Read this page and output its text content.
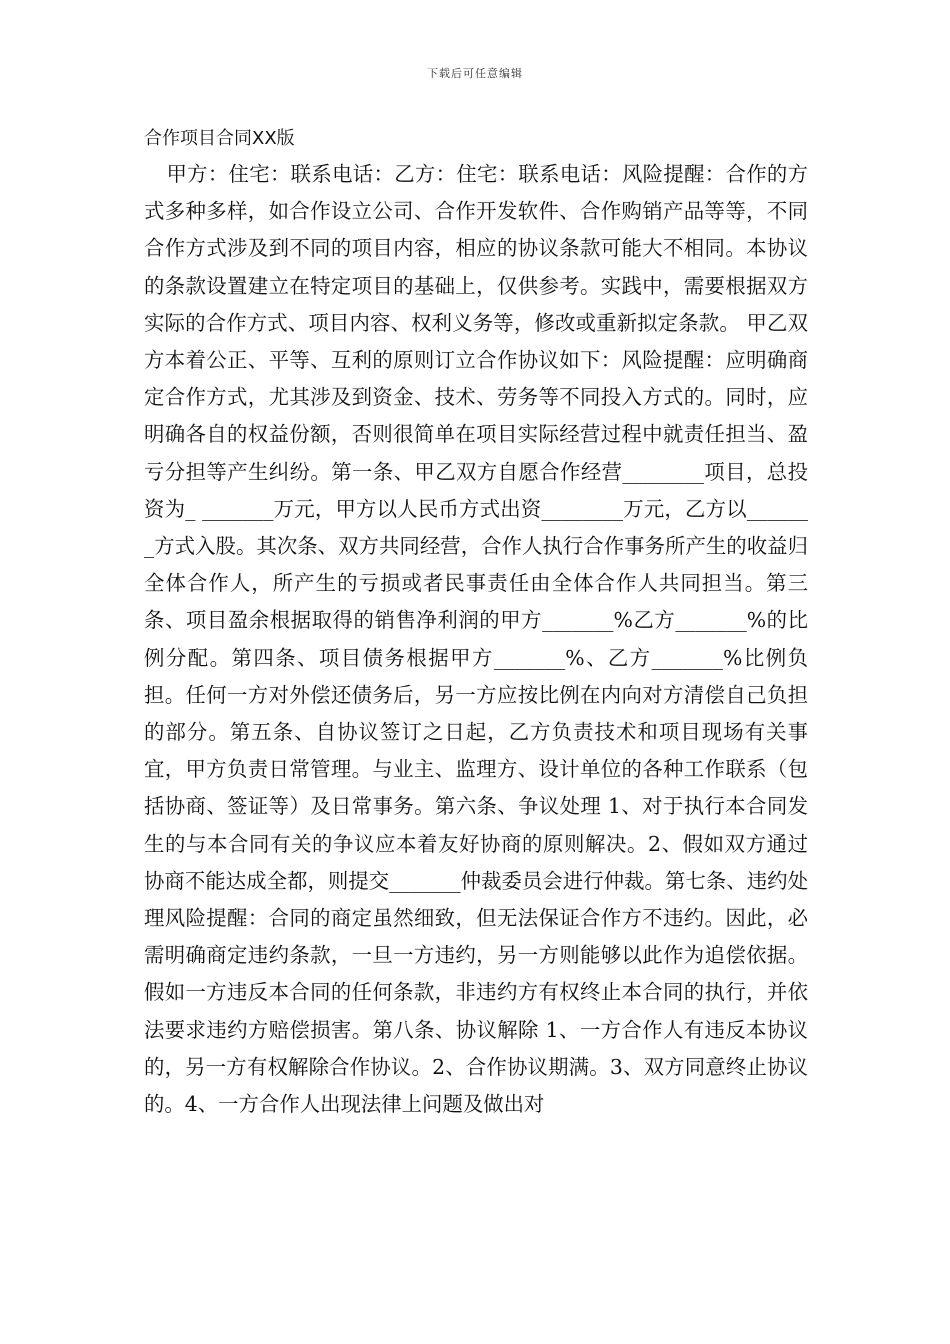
下载后可任意编辑
合作项目合同XX版
甲方：住宅：联系电话：乙方：住宅：联系电话：风险提醒：合作的方式多种多样，如合作设立公司、合作开发软件、合作购销产品等等，不同合作方式涉及到不同的项目内容，相应的协议条款可能大不相同。本协议的条款设置建立在特定项目的基础上，仅供参考。实践中，需要根据双方实际的合作方式、项目内容、权利义务等，修改或重新拟定条款。 甲乙双方本着公正、平等、互利的原则订立合作协议如下：风险提醒：应明确商定合作方式，尤其涉及到资金、技术、劳务等不同投入方式的。同时，应明确各自的权益份额，否则很简单在项目实际经营过程中就责任担当、盈亏分担等产生纠纷。第一条、甲乙双方自愿合作经营________项目，总投资为_ _______万元，甲方以人民币方式出资________万元，乙方以_______方式入股。其次条、双方共同经营，合作人执行合作事务所产生的收益归全体合作人，所产生的亏损或者民事责任由全体合作人共同担当。第三条、项目盈余根据取得的销售净利润的甲方_______%乙方_______%的比例分配。第四条、项目债务根据甲方_______%、乙方_______%比例负担。任何一方对外偿还债务后，另一方应按比例在内向对方清偿自己负担的部分。第五条、自协议签订之日起，乙方负责技术和项目现场有关事宜，甲方负责日常管理。与业主、监理方、设计单位的各种工作联系（包括协商、签证等）及日常事务。第六条、争议处理 1、对于执行本合同发生的与本合同有关的争议应本着友好协商的原则解决。2、假如双方通过协商不能达成全都，则提交_______仲裁委员会进行仲裁。第七条、违约处理风险提醒：合同的商定虽然细致，但无法保证合作方不违约。因此，必需明确商定违约条款，一旦一方违约，另一方则能够以此作为追偿依据。 假如一方违反本合同的任何条款，非违约方有权终止本合同的执行，并依法要求违约方赔偿损害。第八条、协议解除 1、一方合作人有违反本协议的，另一方有权解除合作协议。2、合作协议期满。3、双方同意终止协议的。4、一方合作人出现法律上问题及做出对
